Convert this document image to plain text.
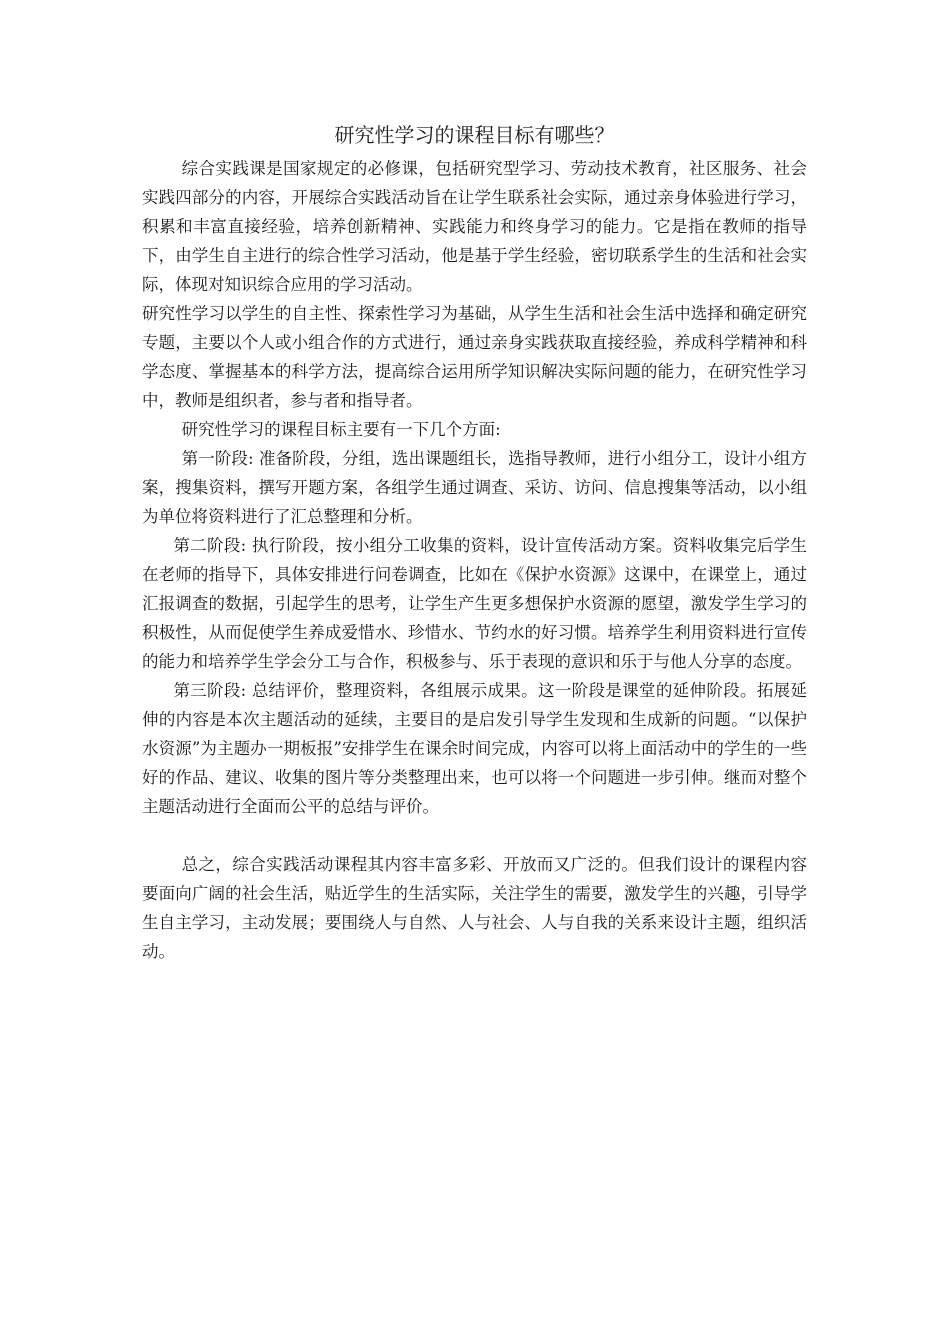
研究性学习的课程目标有哪些？

综合实践课是国家规定的必修课，包括研究型学习、劳动技术教育，社区服务、社会实践四部分的内容，开展综合实践活动旨在让学生联系社会实际，通过亲身体验进行学习，积累和丰富直接经验，培养创新精神、实践能力和终身学习的能力。它是指在教师的指导下，由学生自主进行的综合性学习活动，他是基于学生经验，密切联系学生的生活和社会实际，体现对知识综合应用的学习活动。

研究性学习以学生的自主性、探索性学习为基础，从学生生活和社会生活中选择和确定研究专题，主要以个人或小组合作的方式进行，通过亲身实践获取直接经验，养成科学精神和科学态度、掌握基本的科学方法，提高综合运用所学知识解决实际问题的能力，在研究性学习中，教师是组织者，参与者和指导者。

研究性学习的课程目标主要有一下几个方面:

第一阶段: 准备阶段，分组，选出课题组长，选指导教师，进行小组分工，设计小组方案，搜集资料，撰写开题方案，各组学生通过调查、采访、访问、信息搜集等活动，以小组为单位将资料进行了汇总整理和分析。

第二阶段: 执行阶段，按小组分工收集的资料，设计宣传活动方案。资料收集完后学生在老师的指导下，具体安排进行问卷调查，比如在《保护水资源》这课中，在课堂上，通过汇报调查的数据，引起学生的思考，让学生产生更多想保护水资源的愿望，激发学生学习的积极性，从而促使学生养成爱惜水、珍惜水、节约水的好习惯。培养学生利用资料进行宣传的能力和培养学生学会分工与合作，积极参与、乐于表现的意识和乐于与他人分享的态度。

第三阶段: 总结评价，整理资料，各组展示成果。这一阶段是课堂的延伸阶段。拓展延伸的内容是本次主题活动的延续，主要目的是启发引导学生发现和生成新的问题。“以保护水资源”为主题办一期板报”安排学生在课余时间完成，内容可以将上面活动中的学生的一些好的作品、建议、收集的图片等分类整理出来，也可以将一个问题进一步引伸。继而对整个主题活动进行全面而公平的总结与评价。

总之，综合实践活动课程其内容丰富多彩、开放而又广泛的。但我们设计的课程内容要面向广阔的社会生活，贴近学生的生活实际，关注学生的需要，激发学生的兴趣，引导学生自主学习，主动发展；要围绕人与自然、人与社会、人与自我的关系来设计主题，组织活动。
